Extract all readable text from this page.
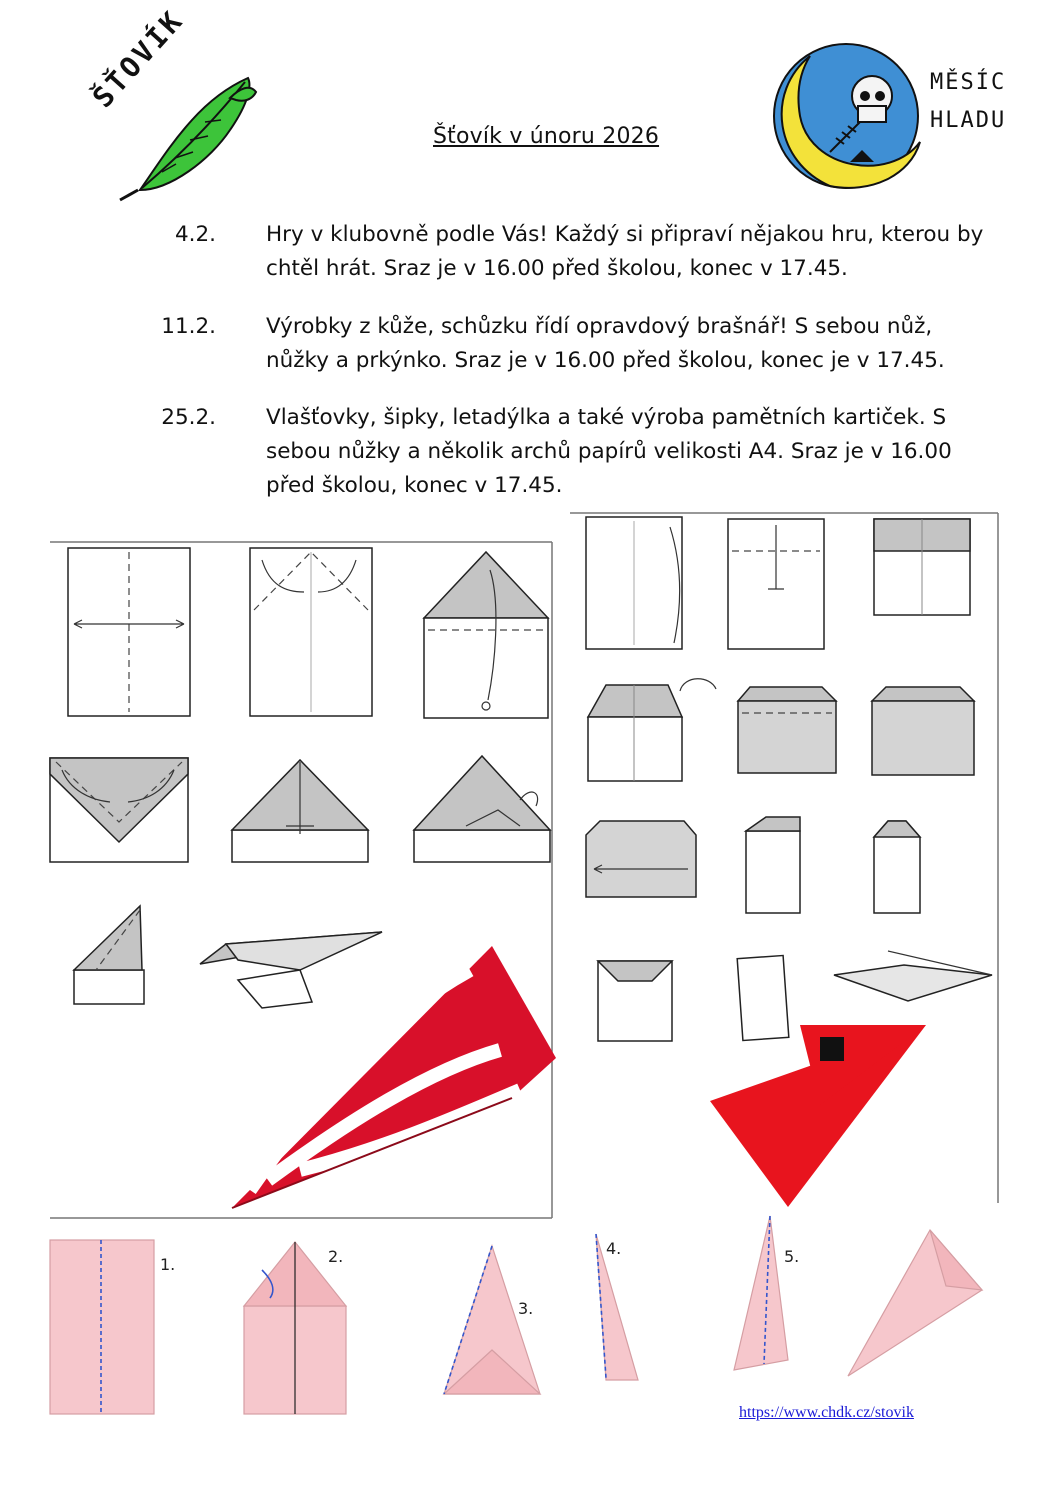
ŠŤOVÍK
Šťovík v únoru 2026
MĚSÍC
HLADU
4.2. Hry v klubovně podle Vás! Každý si připraví nějakou hru, kterou by chtěl hrát. Sraz je v 16.00 před školou, konec v 17.45.
11.2. Výrobky z kůže, schůzku řídí opravdový brašnář! S sebou nůž, nůžky a prkýnko. Sraz je v 16.00 před školou, konec je v 17.45.
25.2. Vlašťovky, šipky, letadýlka a také výroba pamětních kartiček. S sebou nůžky a několik archů papírů velikosti A4. Sraz je v 16.00 před školou, konec v 17.45.
1.	2.
3.
4.	5.
https://www.chdk.cz/stovik
